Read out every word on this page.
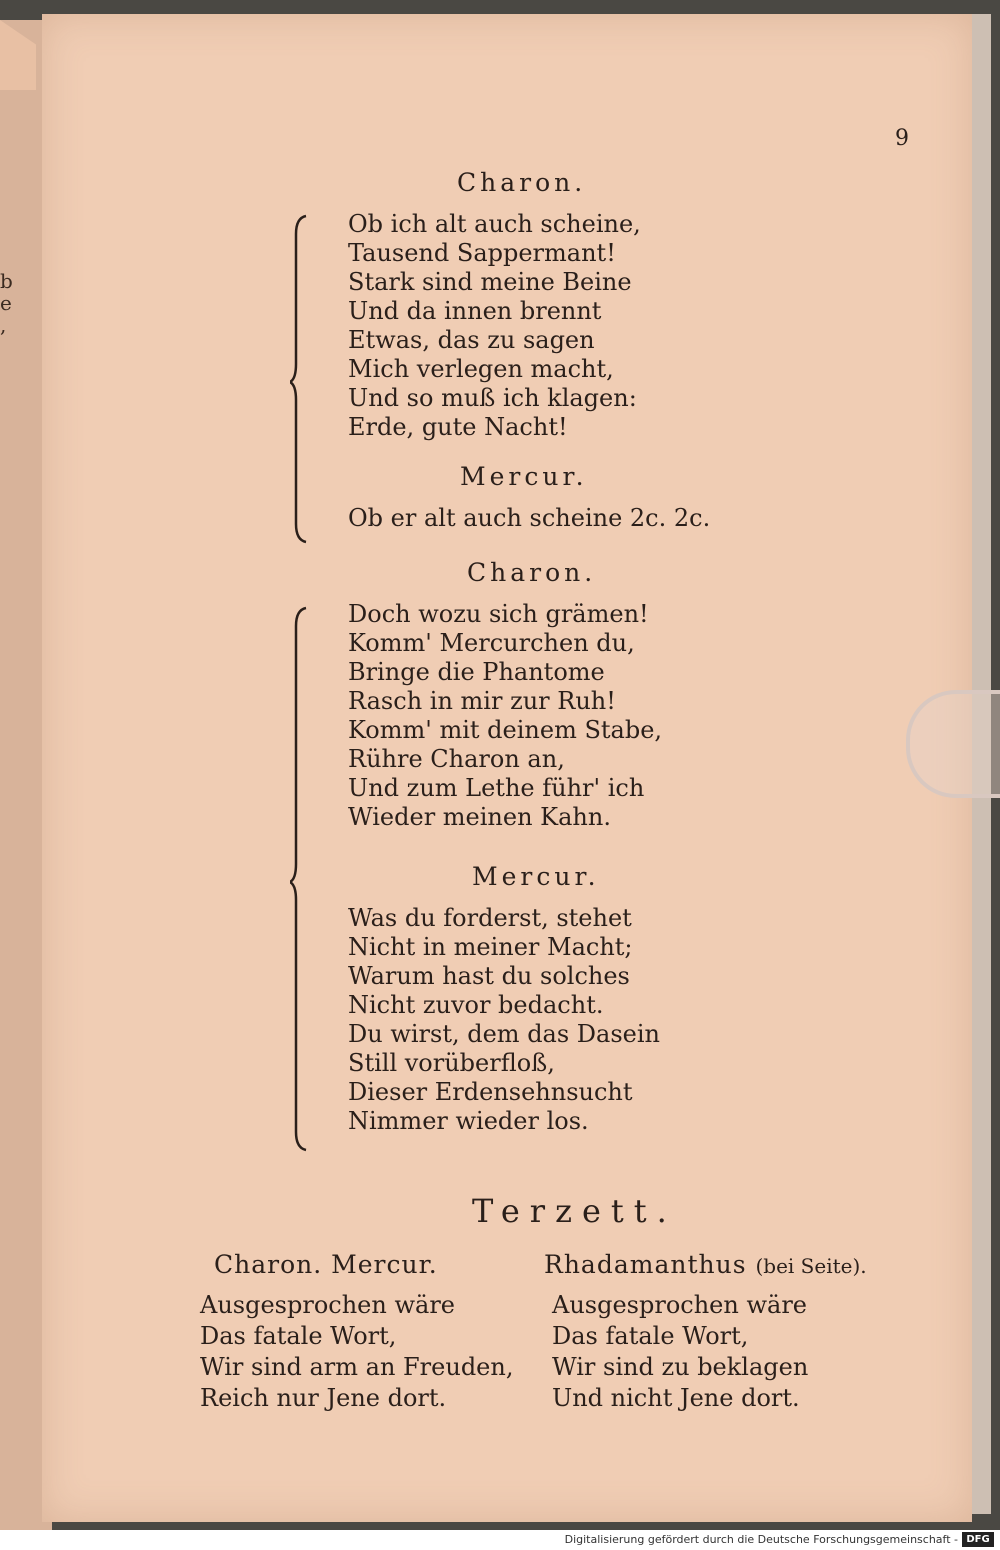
b
e
,
9
Charon.
Ob ich alt auch scheine,
Tausend Sappermant!
Stark sind meine Beine
Und da innen brennt
Etwas, das zu sagen
Mich verlegen macht,
Und so muß ich klagen:
Erde, gute Nacht!
Mercur.
Ob er alt auch scheine 2c. 2c.
Charon.
Doch wozu sich grämen!
Komm' Mercurchen du,
Bringe die Phantome
Rasch in mir zur Ruh!
Komm' mit deinem Stabe,
Rühre Charon an,
Und zum Lethe führ' ich
Wieder meinen Kahn.
Mercur.
Was du forderst, stehet
Nicht in meiner Macht;
Warum hast du solches
Nicht zuvor bedacht.
Du wirst, dem das Dasein
Still vorüberfloß,
Dieser Erdensehnsucht
Nimmer wieder los.
Terzett.
Charon. Mercur.	Rhadamanthus (bei Seite).
Ausgesprochen wäre
Das fatale Wort,
Wir sind arm an Freuden,
Reich nur Jene dort.
Ausgesprochen wäre
Das fatale Wort,
Wir sind zu beklagen
Und nicht Jene dort.
Digitalisierung gefördert durch die Deutsche Forschungsgemeinschaft - DFG
